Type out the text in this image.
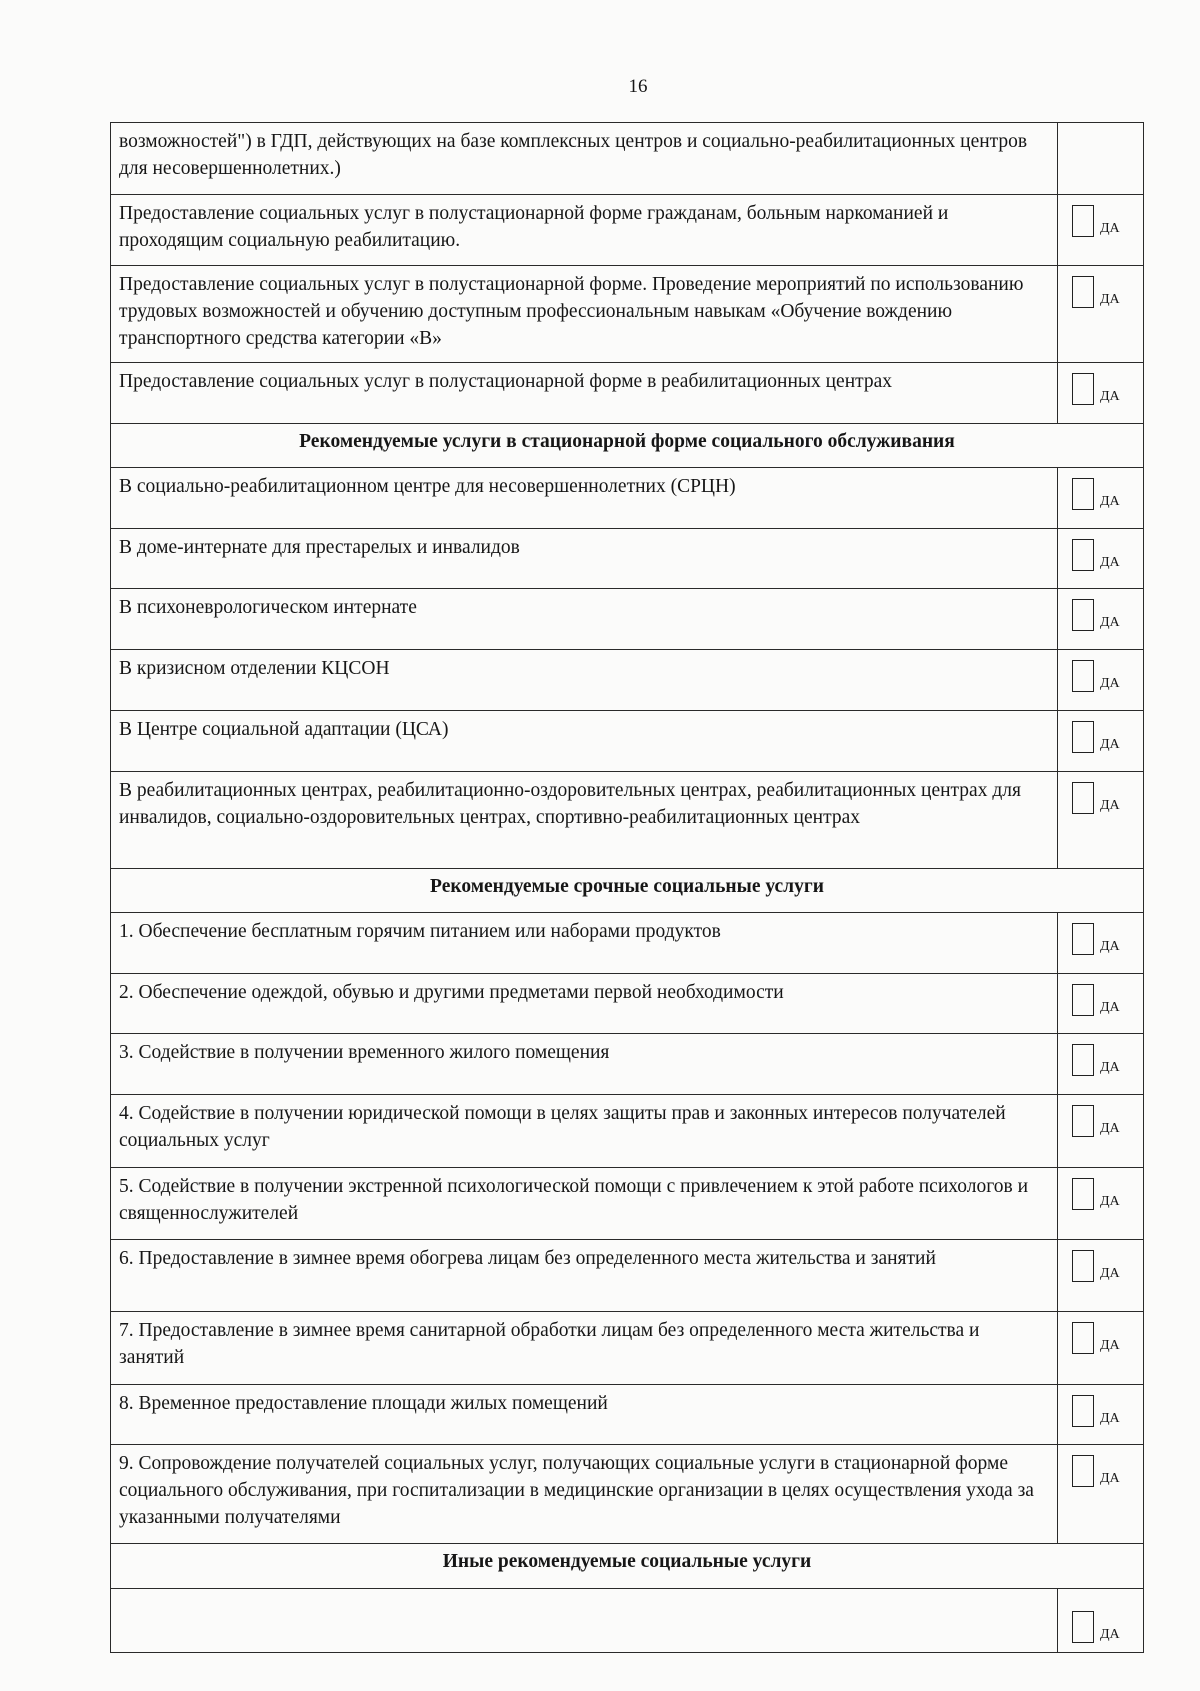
16
возможностей") в ГДП, действующих на базе комплексных центров и социально-реабилитационных центров для несовершеннолетних.)	
Предоставление социальных услуг в полустационарной форме гражданам, больным наркоманией и проходящим социальную реабилитацию.	ДА
Предоставление социальных услуг в полустационарной форме. Проведение мероприятий по использованию трудовых возможностей и обучению доступным профессиональным навыкам «Обучение вождению транспортного средства категории «В»	ДА
Предоставление социальных услуг в полустационарной форме в реабилитационных центрах	ДА
Рекомендуемые услуги в стационарной форме социального обслуживания	
В социально-реабилитационном центре для несовершеннолетних (СРЦН)	ДА
В доме-интернате для престарелых и инвалидов	ДА
В психоневрологическом интернате	ДА
В кризисном отделении КЦСОН	ДА
В Центре социальной адаптации (ЦСА)	ДА
В реабилитационных центрах, реабилитационно-оздоровительных центрах, реабилитационных центрах для инвалидов, социально-оздоровительных центрах, спортивно-реабилитационных центрах	ДА
Рекомендуемые срочные социальные услуги	
1. Обеспечение бесплатным горячим питанием или наборами продуктов	ДА
2. Обеспечение одеждой, обувью и другими предметами первой необходимости	ДА
3. Содействие в получении временного жилого помещения	ДА
4. Содействие в получении юридической помощи в целях защиты прав и законных интересов получателей социальных услуг	ДА
5. Содействие в получении экстренной психологической помощи с привлечением к этой работе психологов и священнослужителей	ДА
6. Предоставление в зимнее время обогрева лицам без определенного места жительства и занятий	ДА
7. Предоставление в зимнее время санитарной обработки лицам без определенного места жительства и занятий	ДА
8. Временное предоставление площади жилых помещений	ДА
9. Сопровождение получателей социальных услуг, получающих социальные услуги в стационарной форме социального обслуживания, при госпитализации в медицинские организации в целях осуществления ухода за указанными получателями	ДА
Иные рекомендуемые социальные услуги	
	ДА
